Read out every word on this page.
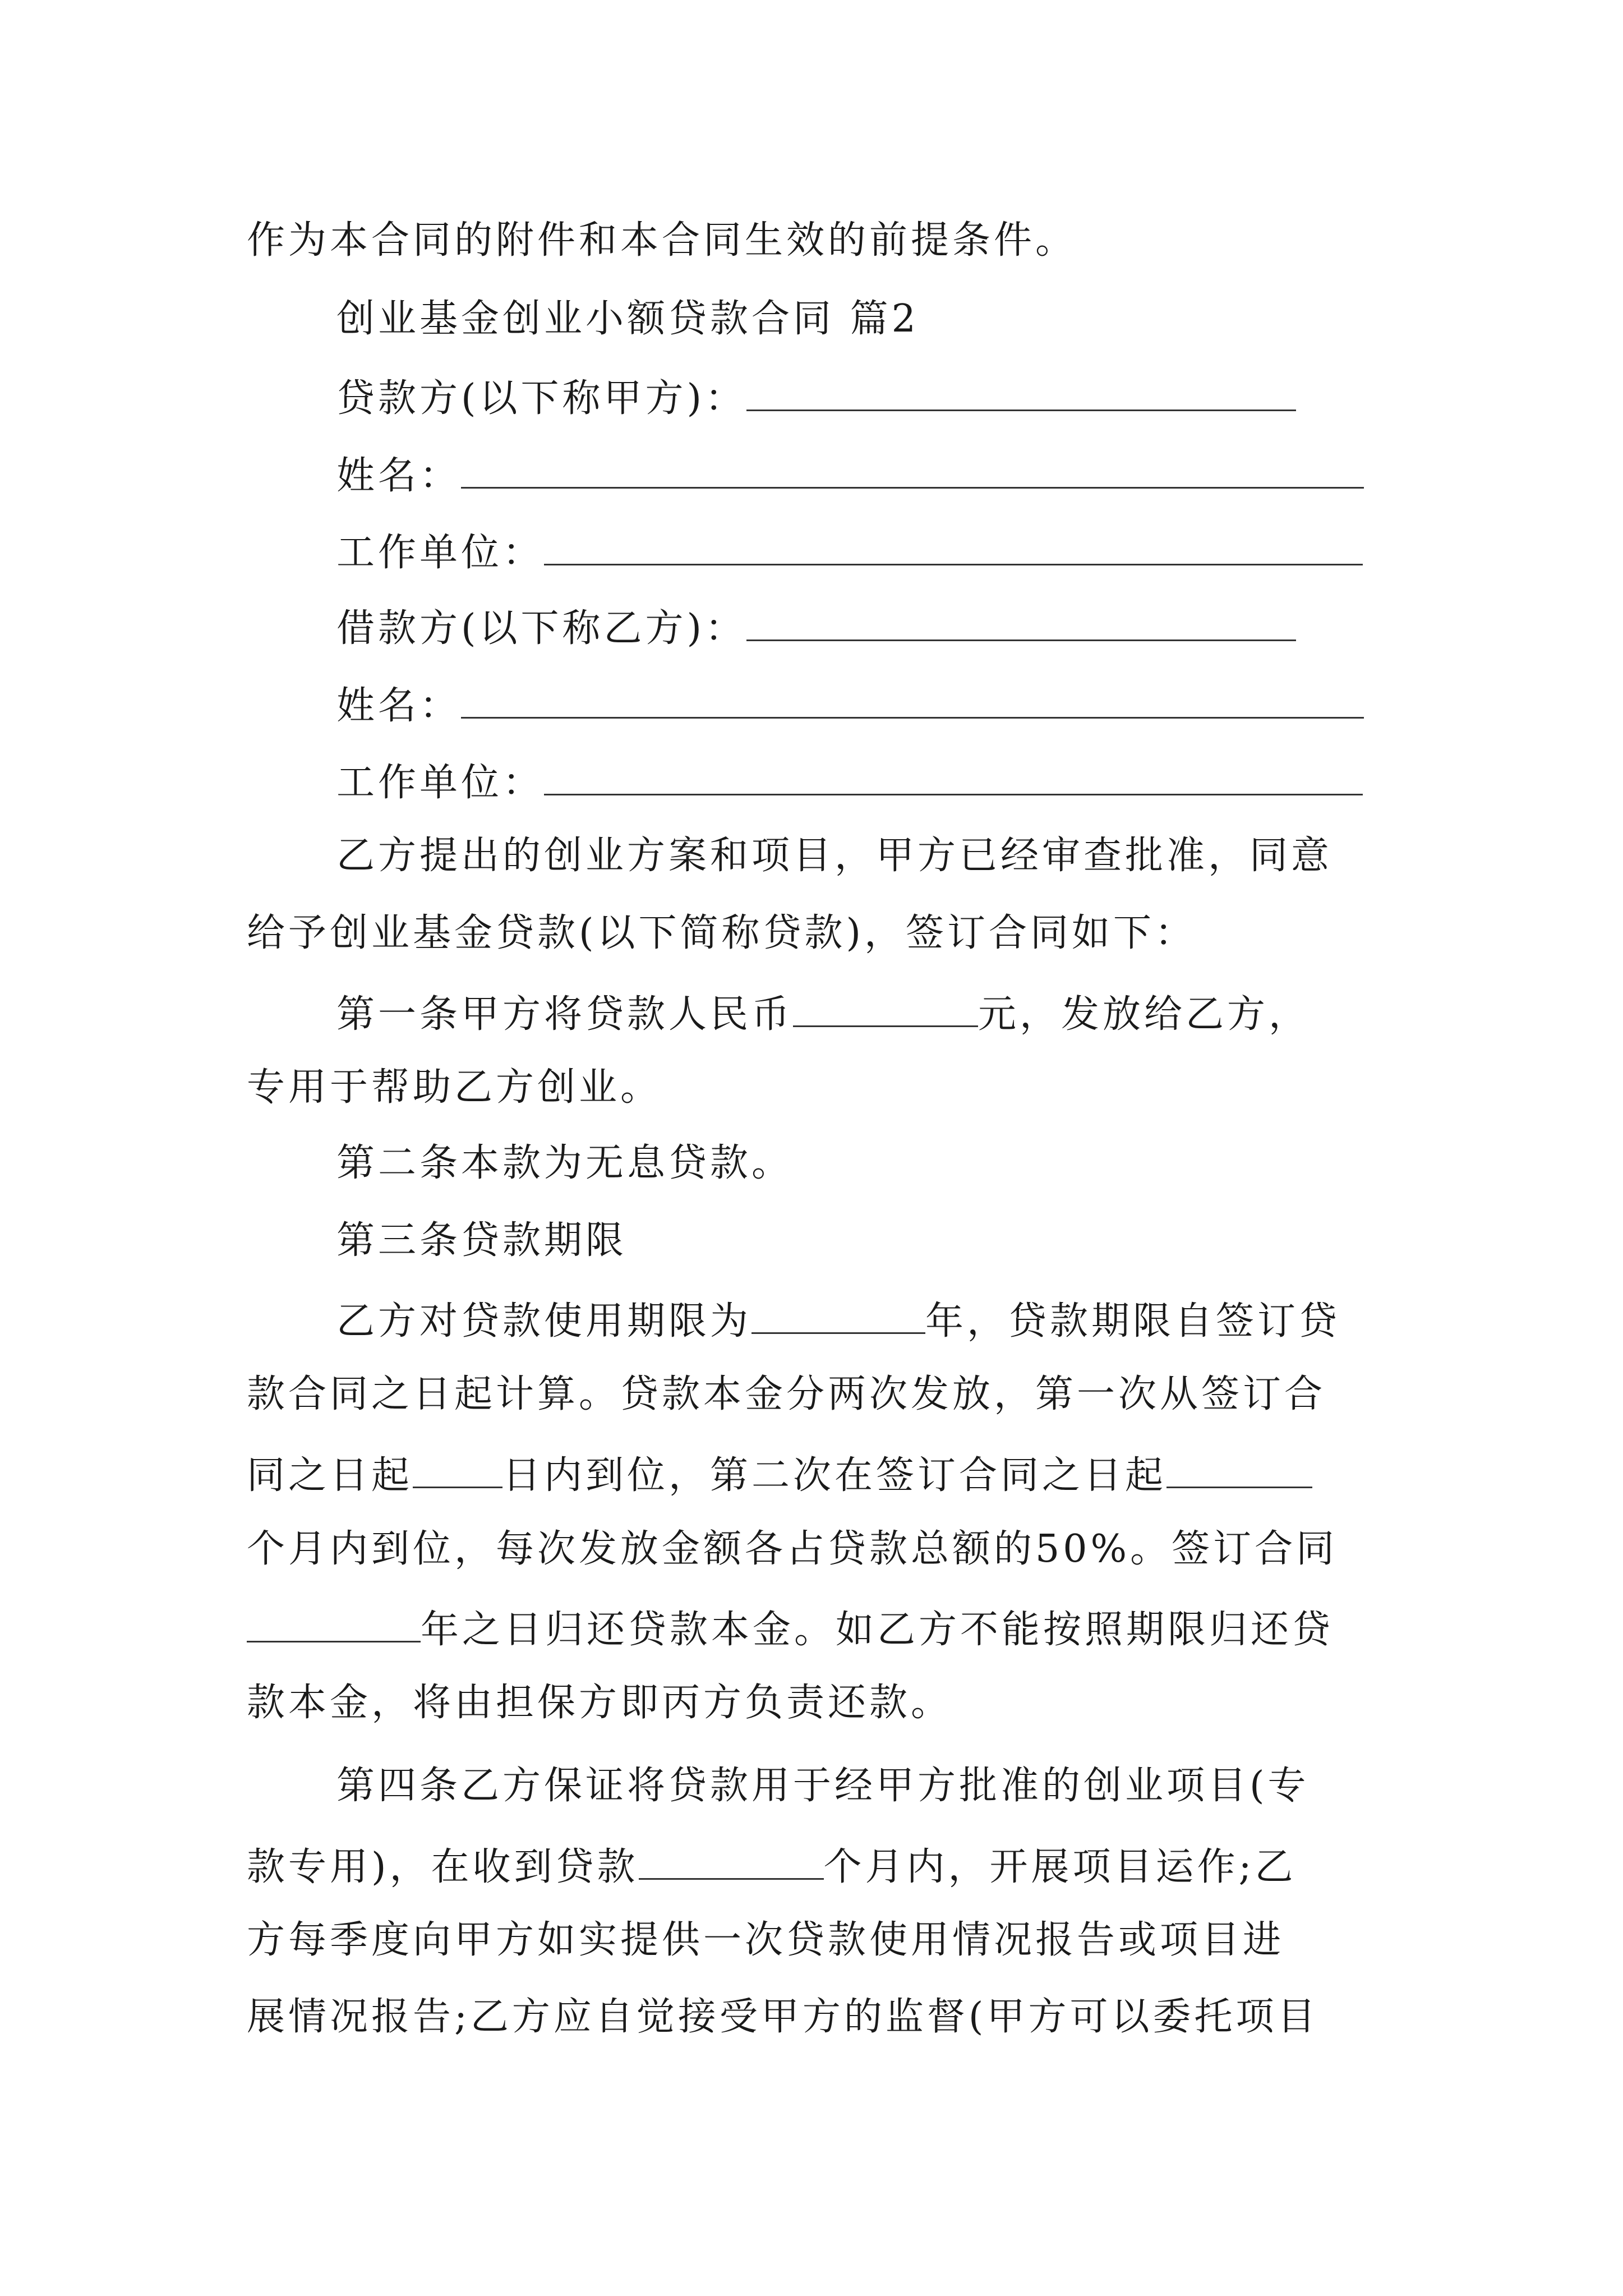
作为本合同的附件和本合同生效的前提条件。
创业基金创业小额贷款合同 篇2
贷款方(以下称甲方)：
姓名：
工作单位：
借款方(以下称乙方)：
姓名：
工作单位：
乙方提出的创业方案和项目，甲方已经审查批准，同意
给予创业基金贷款(以下简称贷款)，签订合同如下：
第一条甲方将贷款人民币	元，发放给乙方，
专用于帮助乙方创业。
第二条本款为无息贷款。
第三条贷款期限
乙方对贷款使用期限为	年，贷款期限自签订贷
款合同之日起计算。贷款本金分两次发放，第一次从签订合
同之日起 日内到位，第二次在签订合同之日起
个月内到位，每次发放金额各占贷款总额的50%。签订合同
年之日归还贷款本金。如乙方不能按照期限归还贷
款本金，将由担保方即丙方负责还款。
第四条乙方保证将贷款用于经甲方批准的创业项目(专
款专用)，在收到贷款	个月内，开展项目运作;乙
方每季度向甲方如实提供一次贷款使用情况报告或项目进
展情况报告;乙方应自觉接受甲方的监督(甲方可以委托项目
